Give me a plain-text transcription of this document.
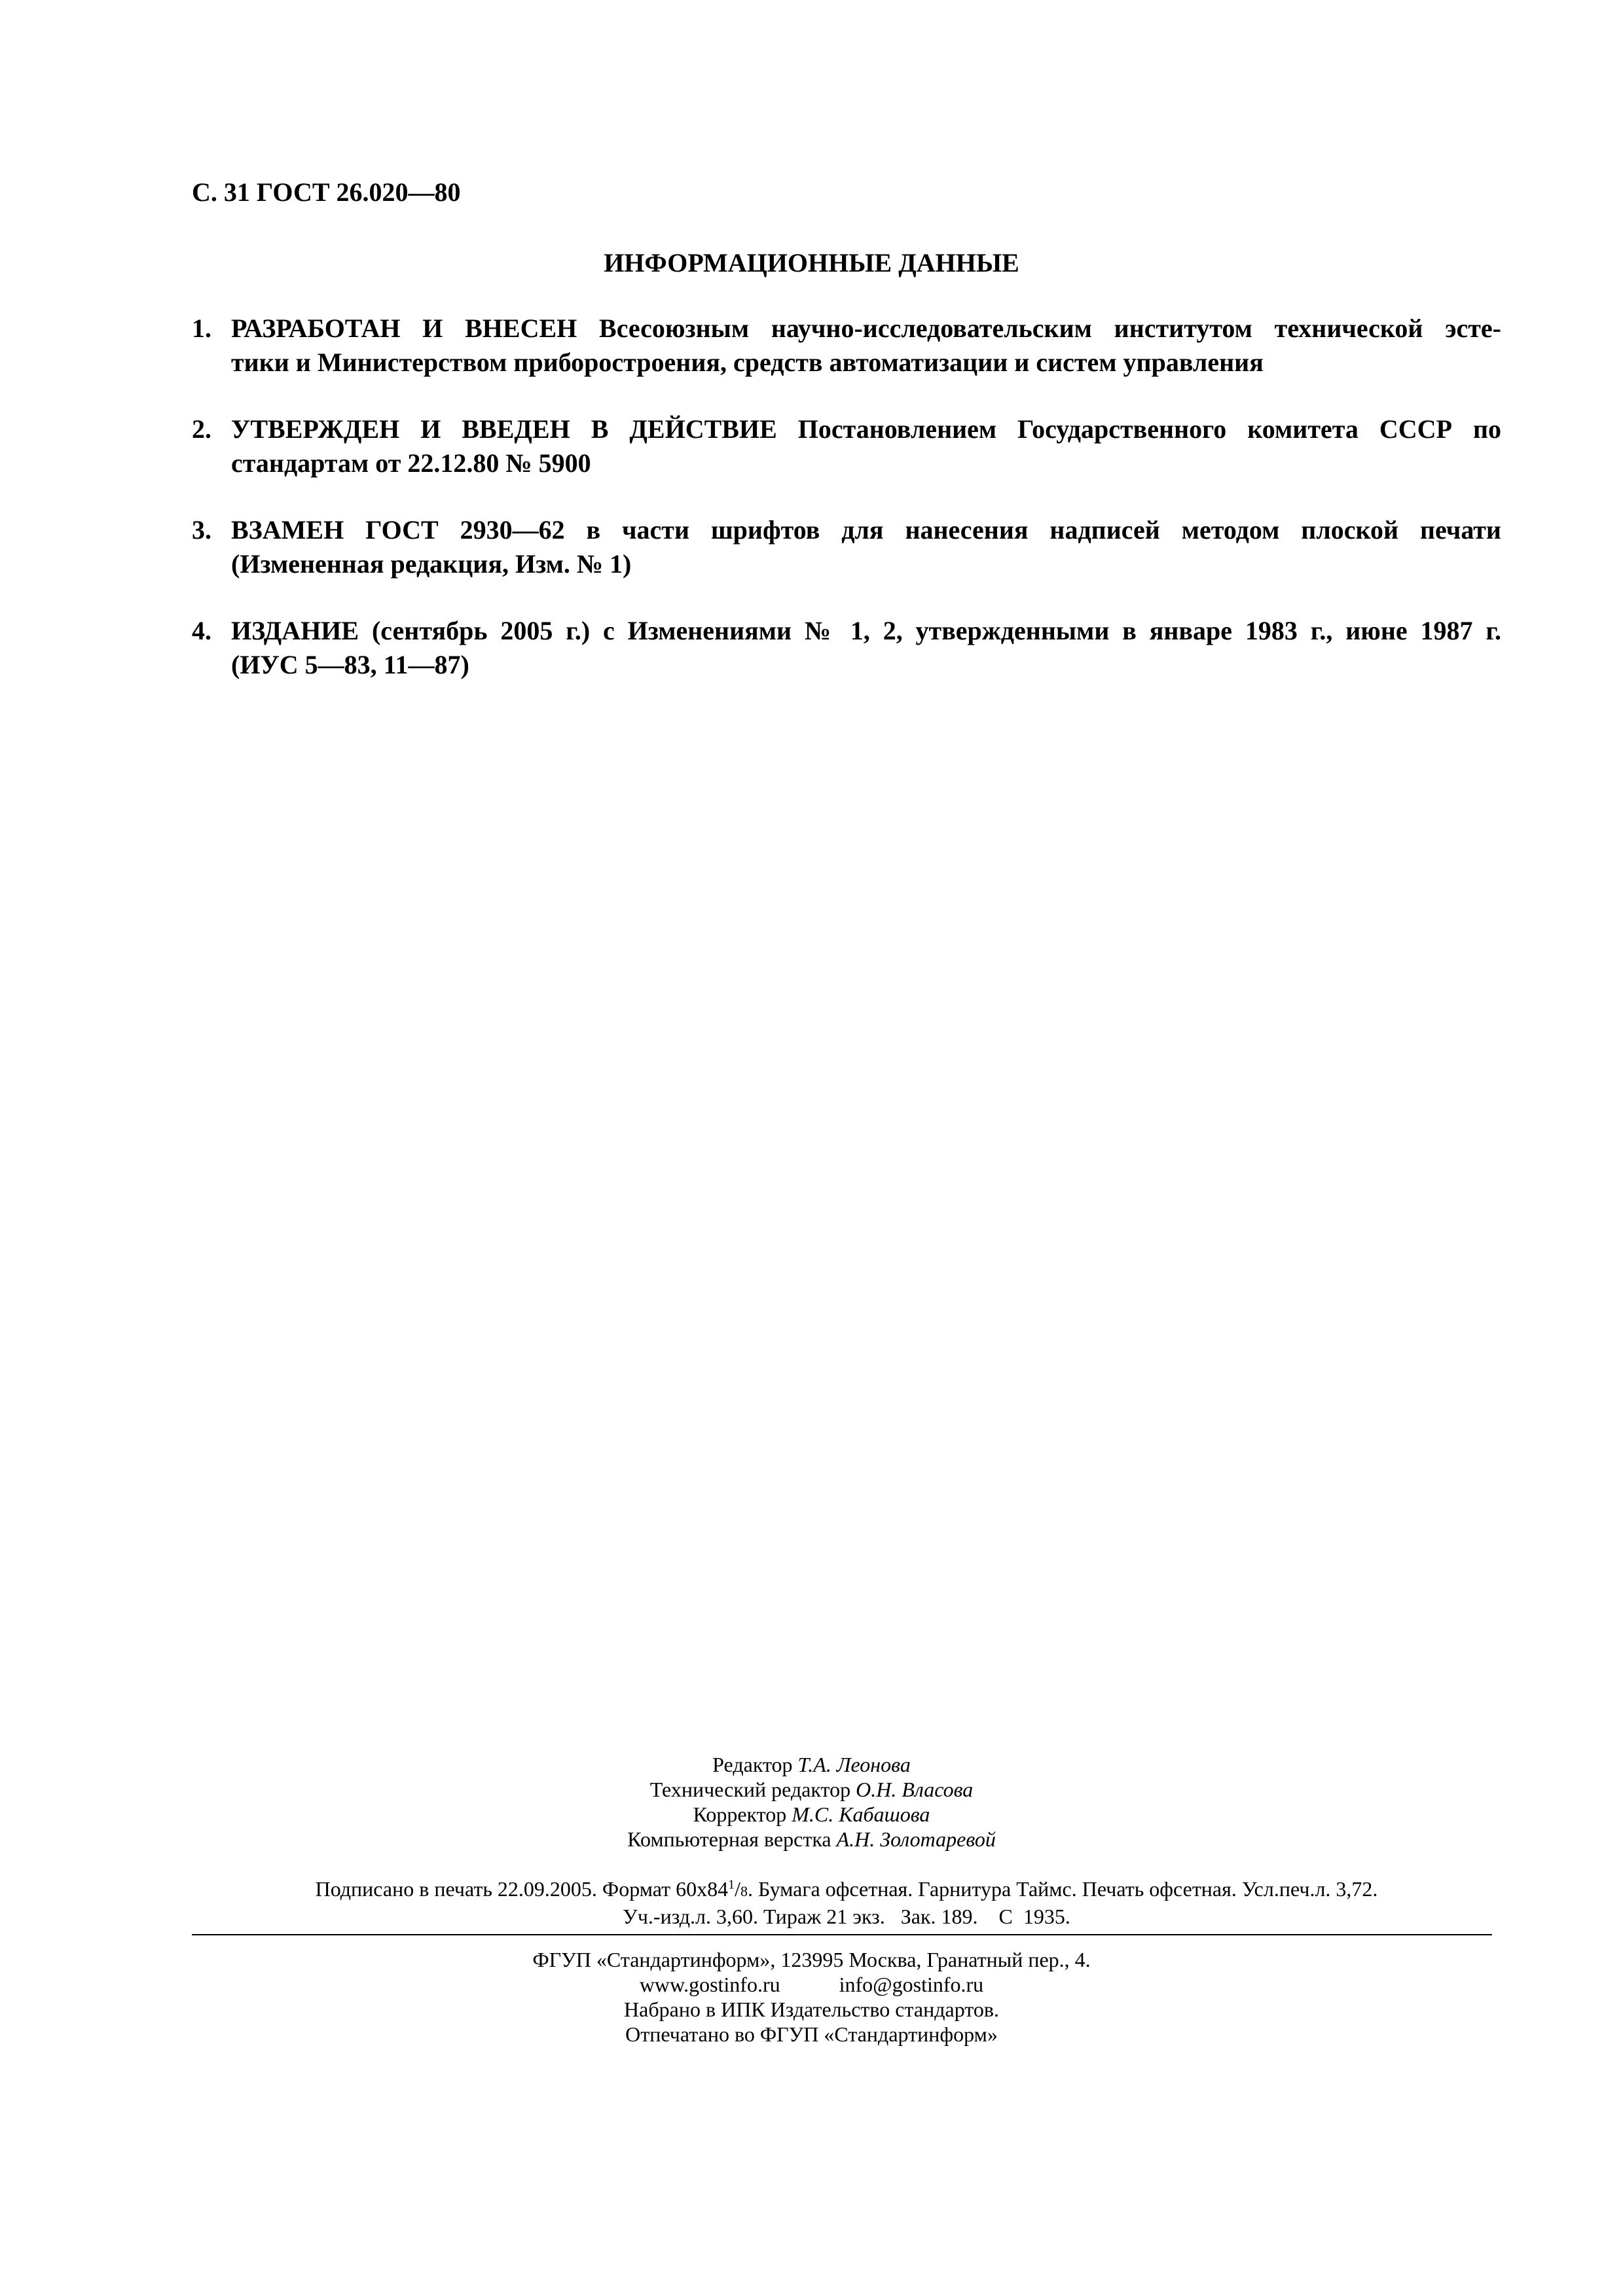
С. 31 ГОСТ 26.020—80
ИНФОРМАЦИОННЫЕ ДАННЫЕ
1. РАЗРАБОТАН И ВНЕСЕН Всесоюзным научно-исследовательским институтом технической эсте-
тики и Министерством приборостроения, средств автоматизации и систем управления
2. УТВЕРЖДЕН И ВВЕДЕН В ДЕЙСТВИЕ Постановлением Государственного комитета СССР по
стандартам от 22.12.80 № 5900
3. ВЗАМЕН ГОСТ 2930—62 в части шрифтов для нанесения надписей методом плоской печати
(Измененная редакция, Изм. № 1)
4. ИЗДАНИЕ (сентябрь 2005 г.) с Изменениями № 1, 2, утвержденными в январе 1983 г., июне 1987 г.
(ИУС 5—83, 11—87)
Редактор Т.А. Леонова
Технический редактор О.Н. Власова
Корректор М.С. Кабашова
Компьютерная верстка А.Н. Золотаревой
Подписано в печать 22.09.2005. Формат $60х84^1/8$. Бумага офсетная. Гарнитура Таймс. Печать офсетная. Усл.печ.л. 3,72.
Уч.-изд.л. 3,60. Тираж 21 экз.   Зак. 189.    С  1935.
ФГУП «Стандартинформ», 123995 Москва, Гранатный пер., 4.
www.gostinfo.ru	info@gostinfo.ru
Набрано в ИПК Издательство стандартов.
Отпечатано во ФГУП «Стандартинформ»
